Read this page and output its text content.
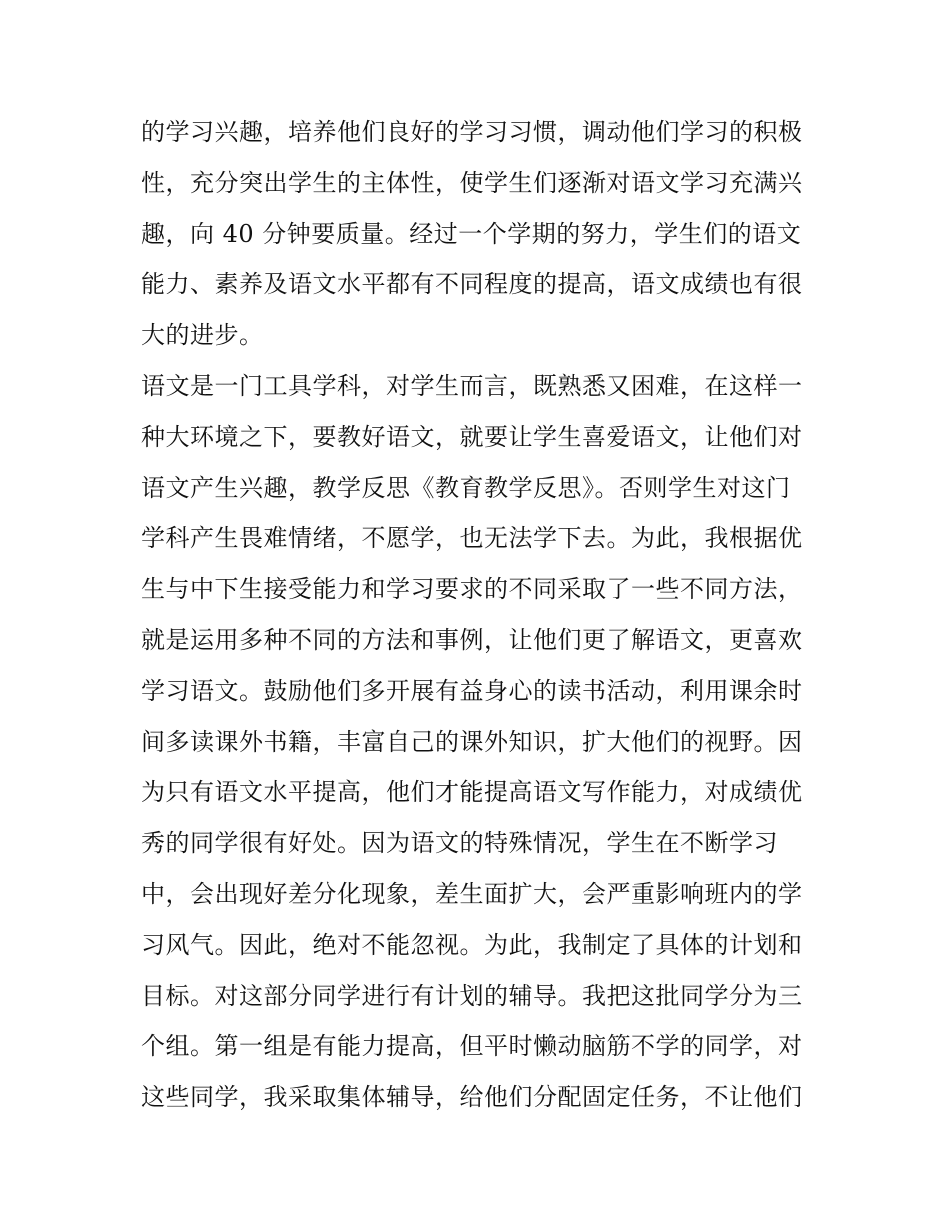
的学习兴趣，培养他们良好的学习习惯，调动他们学习的积极
性，充分突出学生的主体性，使学生们逐渐对语文学习充满兴
趣，向 40 分钟要质量。经过一个学期的努力，学生们的语文
能力、素养及语文水平都有不同程度的提高，语文成绩也有很
大的进步。
语文是一门工具学科，对学生而言，既熟悉又困难，在这样一
种大环境之下，要教好语文，就要让学生喜爱语文，让他们对
语文产生兴趣，教学反思《教育教学反思》。否则学生对这门
学科产生畏难情绪，不愿学，也无法学下去。为此，我根据优
生与中下生接受能力和学习要求的不同采取了一些不同方法，
就是运用多种不同的方法和事例，让他们更了解语文，更喜欢
学习语文。鼓励他们多开展有益身心的读书活动，利用课余时
间多读课外书籍，丰富自己的课外知识，扩大他们的视野。因
为只有语文水平提高，他们才能提高语文写作能力，对成绩优
秀的同学很有好处。因为语文的特殊情况，学生在不断学习
中，会出现好差分化现象，差生面扩大，会严重影响班内的学
习风气。因此，绝对不能忽视。为此，我制定了具体的计划和
目标。对这部分同学进行有计划的辅导。我把这批同学分为三
个组。第一组是有能力提高，但平时懒动脑筋不学的同学，对
这些同学，我采取集体辅导，给他们分配固定任务，不让他们
